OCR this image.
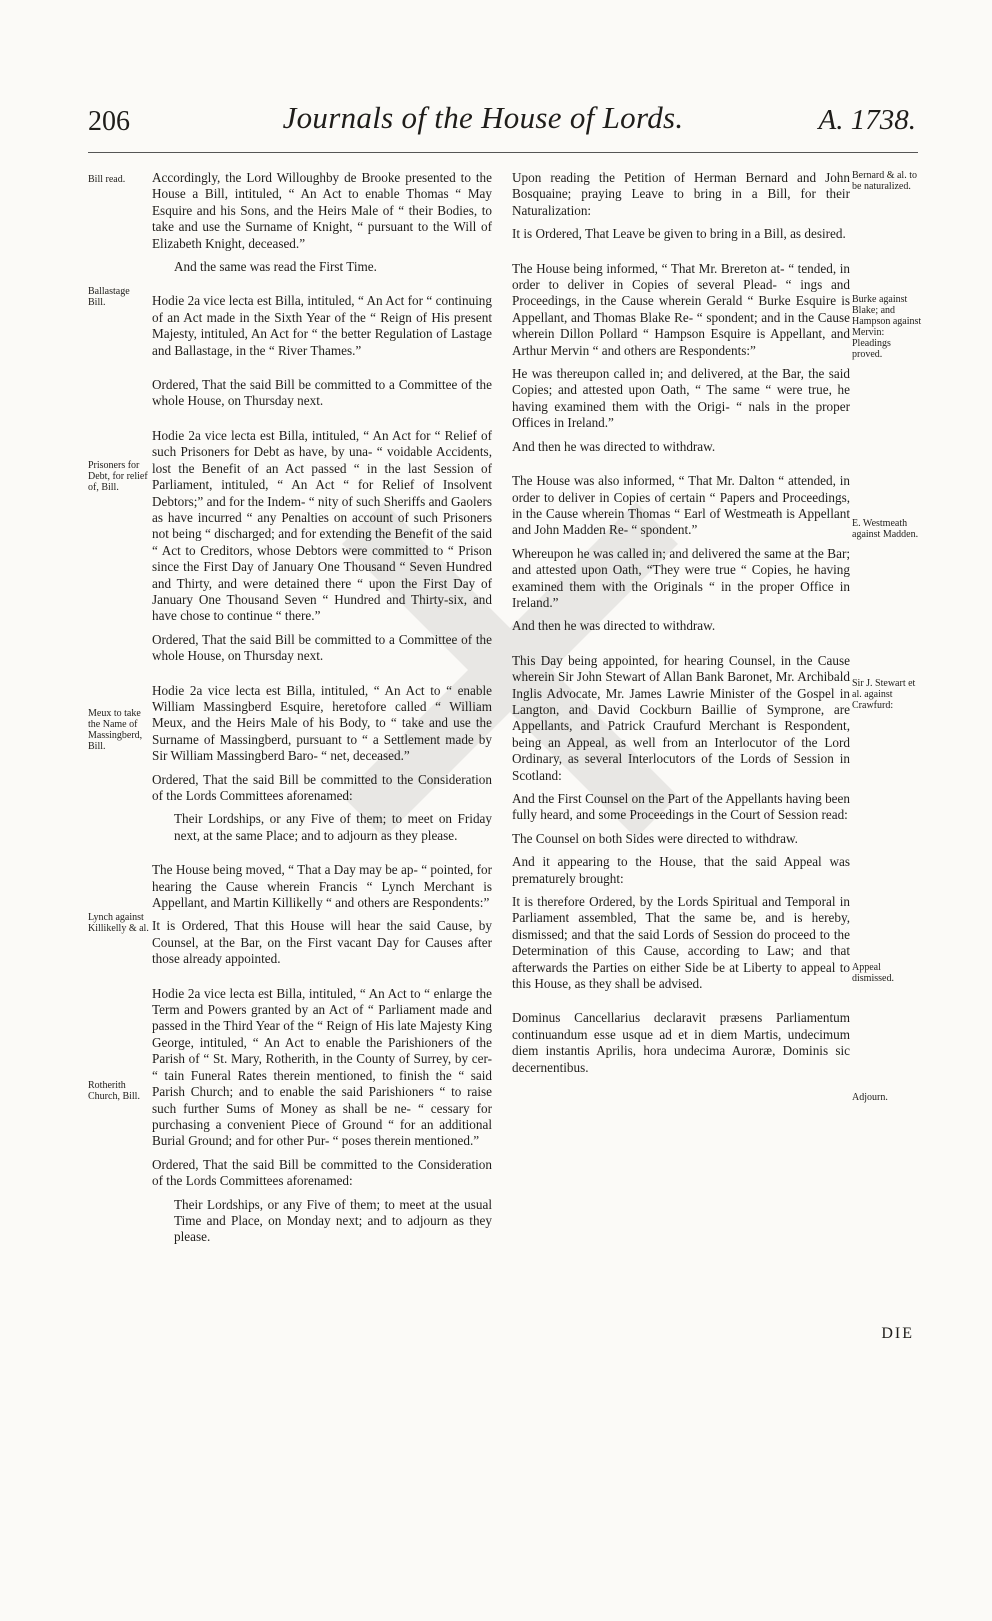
206	Journals of the House of Lords.	A. 1738.
Bill read.
Ballastage Bill.
Prisoners for Debt, for relief of, Bill.
Meux to take the Name of Massingberd, Bill.
Lynch against Killikelly & al.
Rotherith Church, Bill.
Bernard & al. to be naturalized.
Burke against Blake; and Hampson against Mervin: Pleadings proved.
E. Westmeath against Madden.
Sir J. Stewart et al. against Crawfurd:
Appeal dismissed.
Adjourn.

Accordingly, the Lord Willoughby de Brooke presented to the House a Bill, intituled, “ An Act to enable Thomas “ May Esquire and his Sons, and the Heirs Male of “ their Bodies, to take and use the Surname of Knight, “ pursuant to the Will of Elizabeth Knight, deceased.”

And the same was read the First Time.

Hodie 2a vice lecta est Billa, intituled, “ An Act for “ continuing of an Act made in the Sixth Year of the “ Reign of His present Majesty, intituled, An Act for “ the better Regulation of Lastage and Ballastage, in the “ River Thames.”

Ordered, That the said Bill be committed to a Committee of the whole House, on Thursday next.

Hodie 2a vice lecta est Billa, intituled, “ An Act for “ Relief of such Prisoners for Debt as have, by una- “ voidable Accidents, lost the Benefit of an Act passed “ in the last Session of Parliament, intituled, “ An Act “ for Relief of Insolvent Debtors;” and for the Indem- “ nity of such Sheriffs and Gaolers as have incurred “ any Penalties on account of such Prisoners not being “ discharged; and for extending the Benefit of the said “ Act to Creditors, whose Debtors were committed to “ Prison since the First Day of January One Thousand “ Seven Hundred and Thirty, and were detained there “ upon the First Day of January One Thousand Seven “ Hundred and Thirty-six, and have chose to continue “ there.”

Ordered, That the said Bill be committed to a Committee of the whole House, on Thursday next.

Hodie 2a vice lecta est Billa, intituled, “ An Act to “ enable William Massingberd Esquire, heretofore called “ William Meux, and the Heirs Male of his Body, to “ take and use the Surname of Massingberd, pursuant to “ a Settlement made by Sir William Massingberd Baro- “ net, deceased.”

Ordered, That the said Bill be committed to the Consideration of the Lords Committees aforenamed:

Their Lordships, or any Five of them; to meet on Friday next, at the same Place; and to adjourn as they please.

The House being moved, “ That a Day may be ap- “ pointed, for hearing the Cause wherein Francis “ Lynch Merchant is Appellant, and Martin Killikelly “ and others are Respondents:”

It is Ordered, That this House will hear the said Cause, by Counsel, at the Bar, on the First vacant Day for Causes after those already appointed.

Hodie 2a vice lecta est Billa, intituled, “ An Act to “ enlarge the Term and Powers granted by an Act of “ Parliament made and passed in the Third Year of the “ Reign of His late Majesty King George, intituled, “ An Act to enable the Parishioners of the Parish of “ St. Mary, Rotherith, in the County of Surrey, by cer- “ tain Funeral Rates therein mentioned, to finish the “ said Parish Church; and to enable the said Parishioners “ to raise such further Sums of Money as shall be ne- “ cessary for purchasing a convenient Piece of Ground “ for an additional Burial Ground; and for other Pur- “ poses therein mentioned.”

Ordered, That the said Bill be committed to the Consideration of the Lords Committees aforenamed:

Their Lordships, or any Five of them; to meet at the usual Time and Place, on Monday next; and to adjourn as they please.

Upon reading the Petition of Herman Bernard and John Bosquaine; praying Leave to bring in a Bill, for their Naturalization:

It is Ordered, That Leave be given to bring in a Bill, as desired.

The House being informed, “ That Mr. Brereton at- “ tended, in order to deliver in Copies of several Plead- “ ings and Proceedings, in the Cause wherein Gerald “ Burke Esquire is Appellant, and Thomas Blake Re- “ spondent; and in the Cause wherein Dillon Pollard “ Hampson Esquire is Appellant, and Arthur Mervin “ and others are Respondents:”

He was thereupon called in; and delivered, at the Bar, the said Copies; and attested upon Oath, “ The same “ were true, he having examined them with the Origi- “ nals in the proper Offices in Ireland.”

And then he was directed to withdraw.

The House was also informed, “ That Mr. Dalton “ attended, in order to deliver in Copies of certain “ Papers and Proceedings, in the Cause wherein Thomas “ Earl of Westmeath is Appellant and John Madden Re- “ spondent.”

Whereupon he was called in; and delivered the same at the Bar; and attested upon Oath, “They were true “ Copies, he having examined them with the Originals “ in the proper Office in Ireland.”

And then he was directed to withdraw.

This Day being appointed, for hearing Counsel, in the Cause wherein Sir John Stewart of Allan Bank Baronet, Mr. Archibald Inglis Advocate, Mr. James Lawrie Minister of the Gospel in Langton, and David Cockburn Baillie of Symprone, are Appellants, and Patrick Craufurd Merchant is Respondent, being an Appeal, as well from an Interlocutor of the Lord Ordinary, as several Interlocutors of the Lords of Session in Scotland:

And the First Counsel on the Part of the Appellants having been fully heard, and some Proceedings in the Court of Session read:

The Counsel on both Sides were directed to withdraw.

And it appearing to the House, that the said Appeal was prematurely brought:

It is therefore Ordered, by the Lords Spiritual and Temporal in Parliament assembled, That the same be, and is hereby, dismissed; and that the said Lords of Session do proceed to the Determination of this Cause, according to Law; and that afterwards the Parties on either Side be at Liberty to appeal to this House, as they shall be advised.

Dominus Cancellarius declaravit præsens Parliamentum continuandum esse usque ad et in diem Martis, undecimum diem instantis Aprilis, hora undecima Auroræ, Dominis sic decernentibus.

DIE
